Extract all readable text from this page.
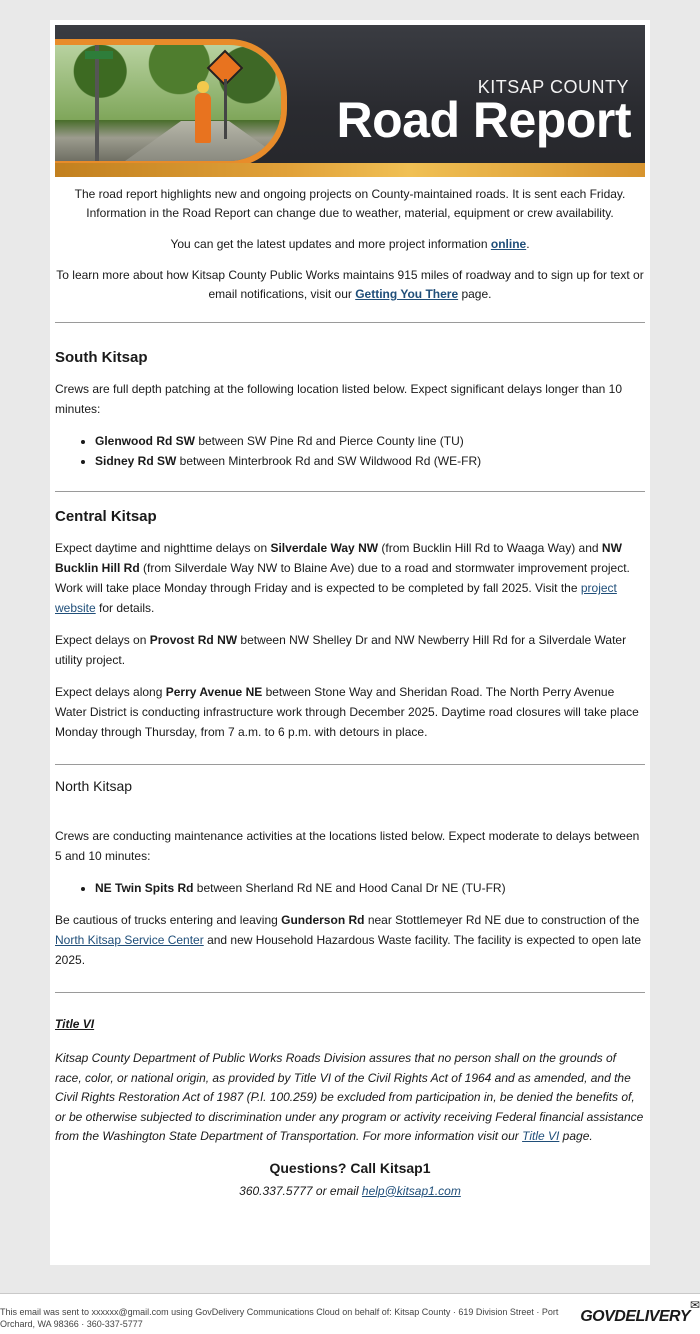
KITSAP COUNTY
Road Report

The road report highlights new and ongoing projects on County-maintained roads. It is sent each Friday. Information in the Road Report can change due to weather, material, equipment or crew availability.

You can get the latest updates and more project information online.

To learn more about how Kitsap County Public Works maintains 915 miles of roadway and to sign up for text or email notifications, visit our Getting You There page.

South Kitsap

Crews are full depth patching at the following location listed below. Expect significant delays longer than 10 minutes:

• Glenwood Rd SW between SW Pine Rd and Pierce County line (TU)
• Sidney Rd SW between Minterbrook Rd and SW Wildwood Rd (WE-FR)
Central Kitsap

Expect daytime and nighttime delays on Silverdale Way NW (from Bucklin Hill Rd to Waaga Way) and NW Bucklin Hill Rd (from Silverdale Way NW to Blaine Ave) due to a road and stormwater improvement project. Work will take place Monday through Friday and is expected to be completed by fall 2025. Visit the project website for details.

Expect delays on Provost Rd NW between NW Shelley Dr and NW Newberry Hill Rd for a Silverdale Water utility project.

Expect delays along Perry Avenue NE between Stone Way and Sheridan Road. The North Perry Avenue Water District is conducting infrastructure work through December 2025. Daytime road closures will take place Monday through Thursday, from 7 a.m. to 6 p.m. with detours in place.

North Kitsap

Crews are conducting maintenance activities at the locations listed below. Expect moderate to delays between 5 and 10 minutes:

• NE Twin Spits Rd between Sherland Rd NE and Hood Canal Dr NE (TU-FR)

Be cautious of trucks entering and leaving Gunderson Rd near Stottlemeyer Rd NE due to construction of the North Kitsap Service Center and new Household Hazardous Waste facility. The facility is expected to open late 2025.

Title VI

Kitsap County Department of Public Works Roads Division assures that no person shall on the grounds of race, color, or national origin, as provided by Title VI of the Civil Rights Act of 1964 and as amended, and the Civil Rights Restoration Act of 1987 (P.l. 100.259) be excluded from participation in, be denied the benefits of, or be otherwise subjected to discrimination under any program or activity receiving Federal financial assistance from the Washington State Department of Transportation. For more information visit our Title VI page.

Questions? Call Kitsap1

360.337.5777 or email help@kitsap1.com

This email was sent to xxxxxx@gmail.com using GovDelivery Communications Cloud on behalf of: Kitsap County · 619 Division Street · Port Orchard, WA 98366 · 360-337-5777
✉
GOVDELIVERY
